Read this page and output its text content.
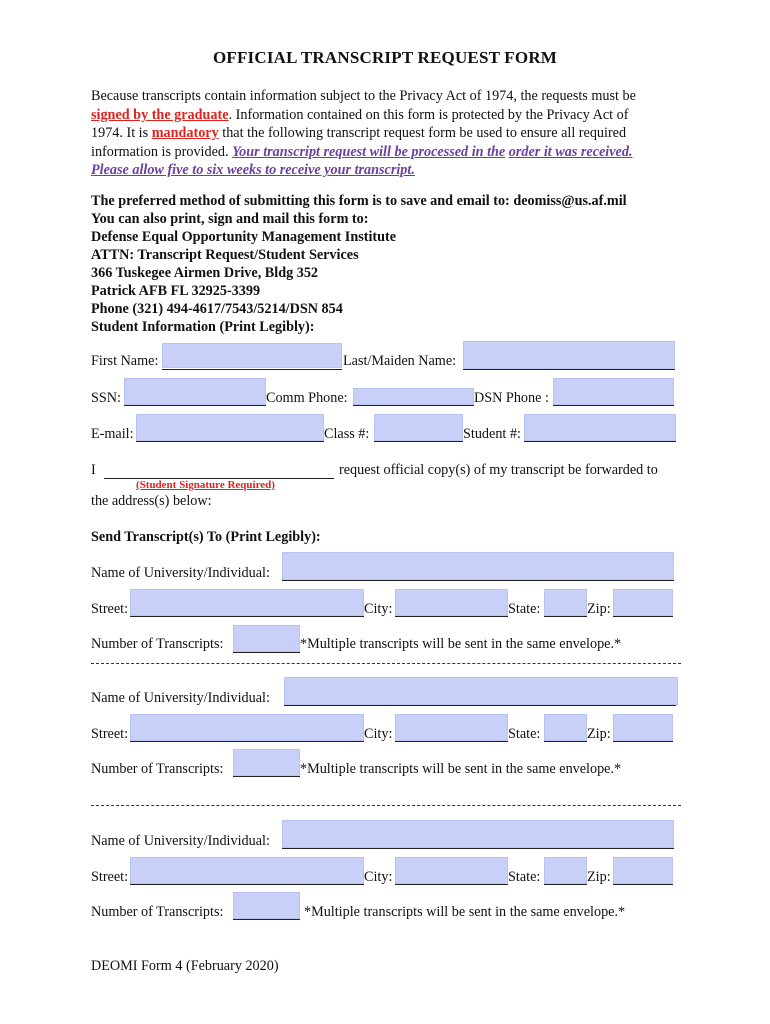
OFFICIAL TRANSCRIPT REQUEST FORM
Because transcripts contain information subject to the Privacy Act of 1974, the requests must be
signed by the graduate. Information contained on this form is protected by the Privacy Act of
1974. It is mandatory that the following transcript request form be used to ensure all required
information is provided. Your transcript request will be processed in the order it was received.
Please allow five to six weeks to receive your transcript.
The preferred method of submitting this form is to save and email to: deomiss@us.af.mil
You can also print, sign and mail this form to:
Defense Equal Opportunity Management Institute
ATTN: Transcript Request/Student Services
366 Tuskegee Airmen Drive, Bldg 352
Patrick AFB FL 32925-3399
Phone (321) 494-4617/7543/5214/DSN 854
Student Information (Print Legibly):
First Name:	Last/Maiden Name:
SSN:	Comm Phone:	DSN Phone :
E-mail:	Class #:	Student #:
I	request official copy(s) of my transcript be forwarded to
(Student Signature Required)
the address(s) below:
Send Transcript(s) To (Print Legibly):
Name of University/Individual:
Street:	City:	State:	Zip:
Number of Transcripts:	*Multiple transcripts will be sent in the same envelope.*
Name of University/Individual:
Street:	City:	State:	Zip:
Number of Transcripts:	*Multiple transcripts will be sent in the same envelope.*
Name of University/Individual:
Street:	City:	State:	Zip:
Number of Transcripts:	*Multiple transcripts will be sent in the same envelope.*
DEOMI Form 4 (February 2020)
